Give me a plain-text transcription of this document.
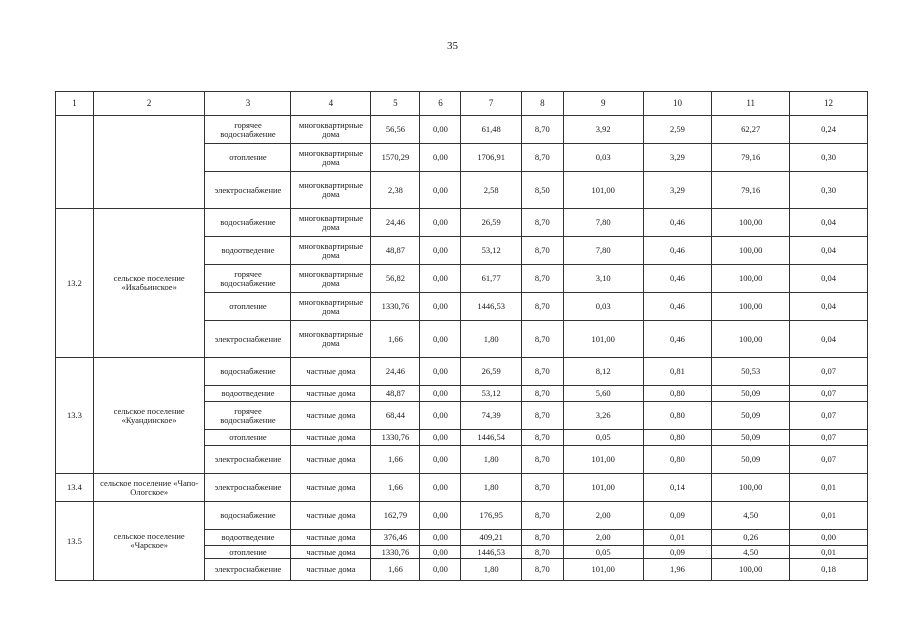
35
1	2	3	4	5	6	7	8	9	10	11	12
		горячее водоснабжение	многоквартирные дома	56,56	0,00	61,48	8,70	3,92	2,59	62,27	0,24
		отопление	многоквартирные дома	1570,29	0,00	1706,91	8,70	0,03	3,29	79,16	0,30
		электроснабжение	многоквартирные дома	2,38	0,00	2,58	8,50	101,00	3,29	79,16	0,30
13.2	сельское поселение «Икабьинское»	водоснабжение	многоквартирные дома	24,46	0,00	26,59	8,70	7,80	0,46	100,00	0,04
		водоотведение	многоквартирные дома	48,87	0,00	53,12	8,70	7,80	0,46	100,00	0,04
		горячее водоснабжение	многоквартирные дома	56,82	0,00	61,77	8,70	3,10	0,46	100,00	0,04
		отопление	многоквартирные дома	1330,76	0,00	1446,53	8,70	0,03	0,46	100,00	0,04
		электроснабжение	многоквартирные дома	1,66	0,00	1,80	8,70	101,00	0,46	100,00	0,04
13.3	сельское поселение «Куандинское»	водоснабжение	частные дома	24,46	0,00	26,59	8,70	8,12	0,81	50,53	0,07
		водоотведение	частные дома	48,87	0,00	53,12	8,70	5,60	0,80	50,09	0,07
		горячее водоснабжение	частные дома	68,44	0,00	74,39	8,70	3,26	0,80	50,09	0,07
		отопление	частные дома	1330,76	0,00	1446,54	8,70	0,05	0,80	50,09	0,07
		электроснабжение	частные дома	1,66	0,00	1,80	8,70	101,00	0,80	50,09	0,07
13.4	сельское поселение «Чапо-Ологское»	электроснабжение	частные дома	1,66	0,00	1,80	8,70	101,00	0,14	100,00	0,01
13.5	сельское поселение «Чарское»	водоснабжение	частные дома	162,79	0,00	176,95	8,70	2,00	0,09	4,50	0,01
		водоотведение	частные дома	376,46	0,00	409,21	8,70	2,00	0,01	0,26	0,00
		отопление	частные дома	1330,76	0,00	1446,53	8,70	0,05	0,09	4,50	0,01
		электроснабжение	частные дома	1,66	0,00	1,80	8,70	101,00	1,96	100,00	0,18
